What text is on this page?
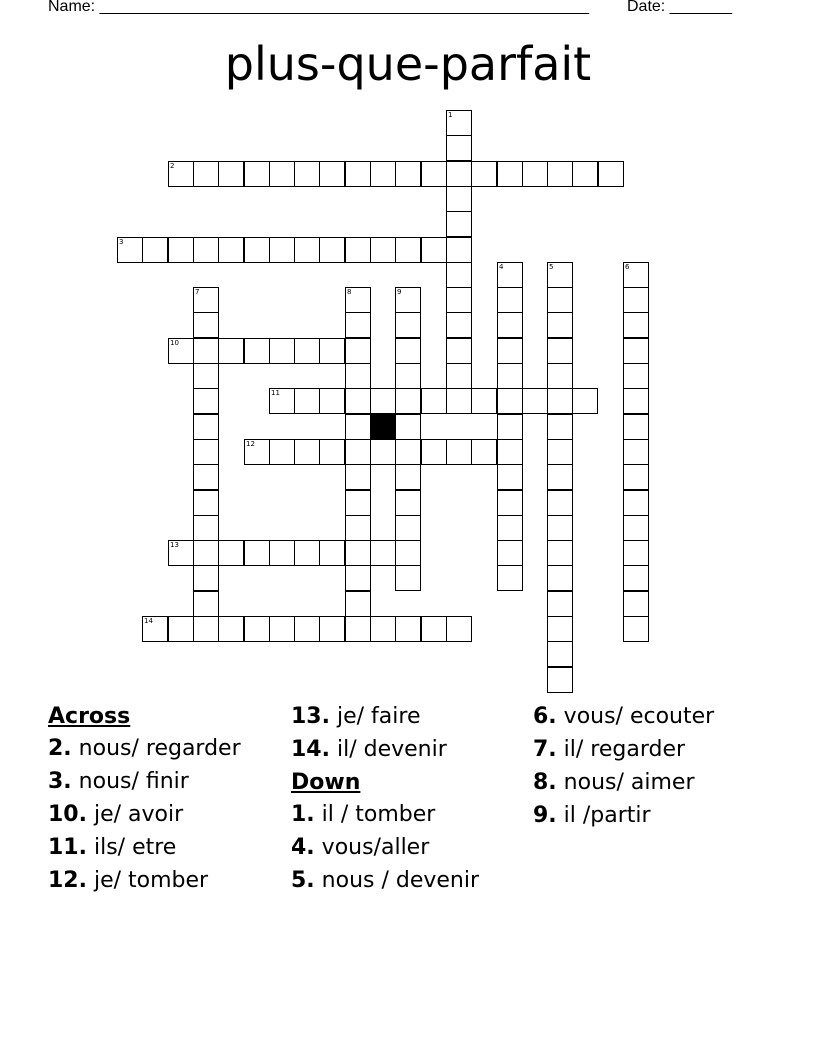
Name: _______________________________________________________ Date: _______
plus-que-parfait
1
2
3
4	5	6
7	8	9
10
11
12
13
14
Across
2. nous/ regarder
3. nous/ finir
10. je/ avoir
11. ils/ etre
12. je/ tomber
13. je/ faire
14. il/ devenir
Down
1. il / tomber
4. vous/aller
5. nous / devenir
6. vous/ ecouter
7. il/ regarder
8. nous/ aimer
9. il /partir
